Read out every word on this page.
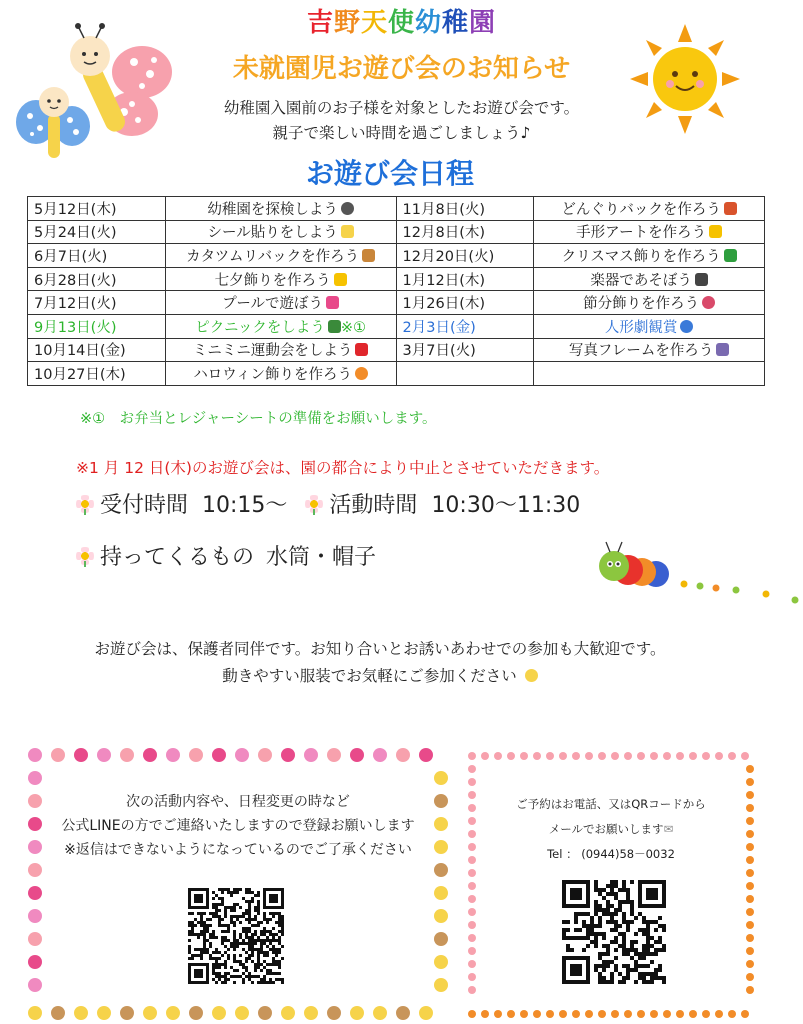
吉野天使幼稚園
未就園児お遊び会のお知らせ
幼稚園入園前のお子様を対象としたお遊び会です。
親子で楽しい時間を過ごしましょう♪
お遊び会日程
5月12日(木)	幼稚園を探検しよう	11月8日(火)	どんぐりバックを作ろう
5月24日(火)	シール貼りをしよう	12月8日(木)	手形アートを作ろう
6月7日(火)	カタツムリバックを作ろう	12月20日(火)	クリスマス飾りを作ろう
6月28日(火)	七夕飾りを作ろう	1月12日(木)	楽器であそぼう
7月12日(火)	プールで遊ぼう	1月26日(木)	節分飾りを作ろう
9月13日(火)	ピクニックをしよう ※①	2月3日(金)	人形劇観賞
10月14日(金)	ミニミニ運動会をしよう	3月7日(火)	写真フレームを作ろう
10月27日(木)	ハロウィン飾りを作ろう		
※①　お弁当とレジャーシートの準備をお願いします。
※1 月 12 日(木)のお遊び会は、園の都合により中止とさせていただきます。
受付時間 10:15～ 活動時間 10:30～11:30
持ってくるもの 水筒・帽子
お遊び会は、保護者同伴です。お知り合いとお誘いあわせでの参加も大歓迎です。
動きやすい服装でお気軽にご参加ください
次の活動内容や、日程変更の時など
公式LINEの方でご連絡いたしますので登録お願いします
※返信はできないようになっているのでご了承ください
ご予約はお電話、又はQRコードから
メールでお願いします✉
Tel ： (0944)58－0032
